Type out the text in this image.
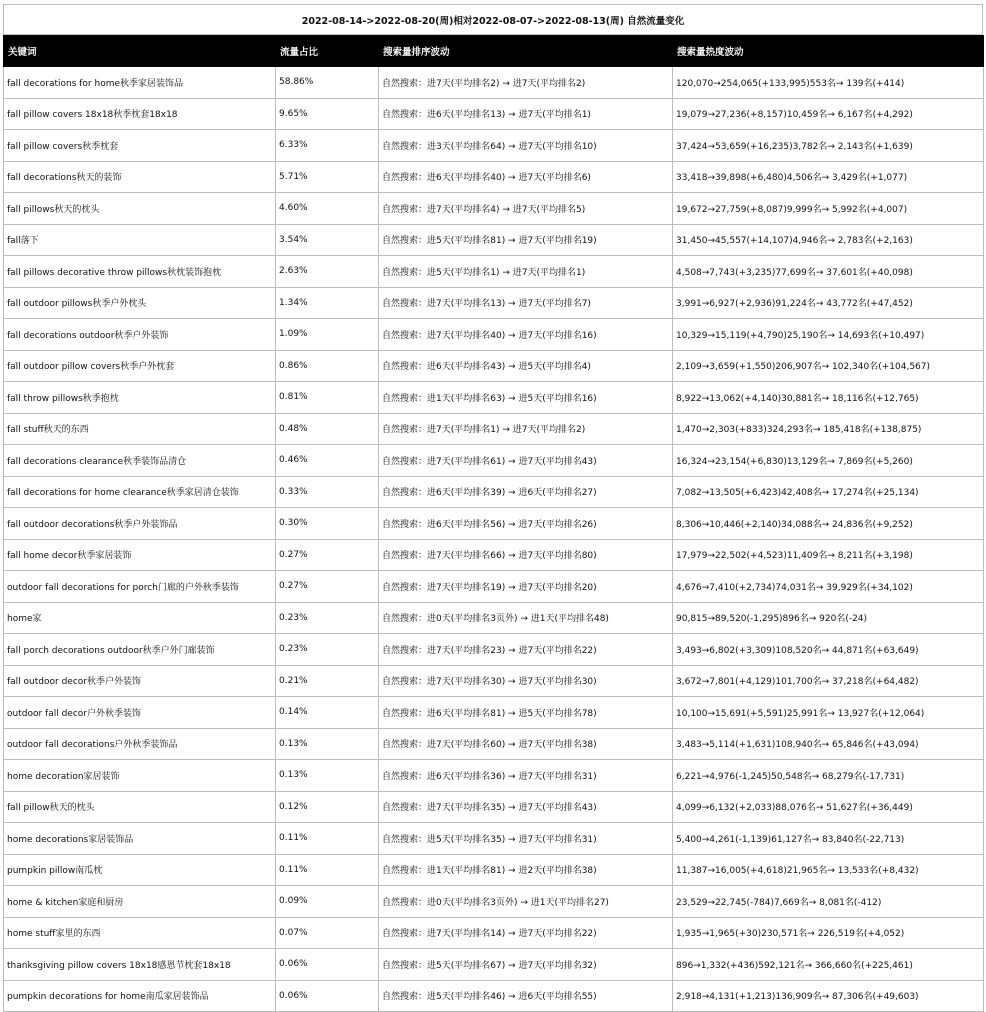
2022-08-14->2022-08-20(周)相对2022-08-07->2022-08-13(周) 自然流量变化
关键词	流量占比	搜索量排序波动	搜索量热度波动
fall decorations for home秋季家居装饰品	58.86%	自然搜索：进7天(平均排名2) → 进7天(平均排名2)	120,070→254,065(+133,995)553名→ 139名(+414)
fall pillow covers 18x18秋季枕套18x18	9.65%	自然搜索：进6天(平均排名13) → 进7天(平均排名1)	19,079→27,236(+8,157)10,459名→ 6,167名(+4,292)
fall pillow covers秋季枕套	6.33%	自然搜索：进3天(平均排名64) → 进7天(平均排名10)	37,424→53,659(+16,235)3,782名→ 2,143名(+1,639)
fall decorations秋天的装饰	5.71%	自然搜索：进6天(平均排名40) → 进7天(平均排名6)	33,418→39,898(+6,480)4,506名→ 3,429名(+1,077)
fall pillows秋天的枕头	4.60%	自然搜索：进7天(平均排名4) → 进7天(平均排名5)	19,672→27,759(+8,087)9,999名→ 5,992名(+4,007)
fall落下	3.54%	自然搜索：进5天(平均排名81) → 进7天(平均排名19)	31,450→45,557(+14,107)4,946名→ 2,783名(+2,163)
fall pillows decorative throw pillows秋枕装饰抱枕	2.63%	自然搜索：进5天(平均排名1) → 进7天(平均排名1)	4,508→7,743(+3,235)77,699名→ 37,601名(+40,098)
fall outdoor pillows秋季户外枕头	1.34%	自然搜索：进7天(平均排名13) → 进7天(平均排名7)	3,991→6,927(+2,936)91,224名→ 43,772名(+47,452)
fall decorations outdoor秋季户外装饰	1.09%	自然搜索：进7天(平均排名40) → 进7天(平均排名16)	10,329→15,119(+4,790)25,190名→ 14,693名(+10,497)
fall outdoor pillow covers秋季户外枕套	0.86%	自然搜索：进6天(平均排名43) → 进5天(平均排名4)	2,109→3,659(+1,550)206,907名→ 102,340名(+104,567)
fall throw pillows秋季抱枕	0.81%	自然搜索：进1天(平均排名63) → 进5天(平均排名16)	8,922→13,062(+4,140)30,881名→ 18,116名(+12,765)
fall stuff秋天的东西	0.48%	自然搜索：进7天(平均排名1) → 进7天(平均排名2)	1,470→2,303(+833)324,293名→ 185,418名(+138,875)
fall decorations clearance秋季装饰品清仓	0.46%	自然搜索：进7天(平均排名61) → 进7天(平均排名43)	16,324→23,154(+6,830)13,129名→ 7,869名(+5,260)
fall decorations for home clearance秋季家居清仓装饰	0.33%	自然搜索：进6天(平均排名39) → 进6天(平均排名27)	7,082→13,505(+6,423)42,408名→ 17,274名(+25,134)
fall outdoor decorations秋季户外装饰品	0.30%	自然搜索：进6天(平均排名56) → 进7天(平均排名26)	8,306→10,446(+2,140)34,088名→ 24,836名(+9,252)
fall home decor秋季家居装饰	0.27%	自然搜索：进7天(平均排名66) → 进7天(平均排名80)	17,979→22,502(+4,523)11,409名→ 8,211名(+3,198)
outdoor fall decorations for porch门廊的户外秋季装饰	0.27%	自然搜索：进7天(平均排名19) → 进7天(平均排名20)	4,676→7,410(+2,734)74,031名→ 39,929名(+34,102)
home家	0.23%	自然搜索：进0天(平均排名3页外) → 进1天(平均排名48)	90,815→89,520(-1,295)896名→ 920名(-24)
fall porch decorations outdoor秋季户外门廊装饰	0.23%	自然搜索：进7天(平均排名23) → 进7天(平均排名22)	3,493→6,802(+3,309)108,520名→ 44,871名(+63,649)
fall outdoor decor秋季户外装饰	0.21%	自然搜索：进7天(平均排名30) → 进7天(平均排名30)	3,672→7,801(+4,129)101,700名→ 37,218名(+64,482)
outdoor fall decor户外秋季装饰	0.14%	自然搜索：进6天(平均排名81) → 进5天(平均排名78)	10,100→15,691(+5,591)25,991名→ 13,927名(+12,064)
outdoor fall decorations户外秋季装饰品	0.13%	自然搜索：进7天(平均排名60) → 进7天(平均排名38)	3,483→5,114(+1,631)108,940名→ 65,846名(+43,094)
home decoration家居装饰	0.13%	自然搜索：进6天(平均排名36) → 进7天(平均排名31)	6,221→4,976(-1,245)50,548名→ 68,279名(-17,731)
fall pillow秋天的枕头	0.12%	自然搜索：进7天(平均排名35) → 进7天(平均排名43)	4,099→6,132(+2,033)88,076名→ 51,627名(+36,449)
home decorations家居装饰品	0.11%	自然搜索：进5天(平均排名35) → 进7天(平均排名31)	5,400→4,261(-1,139)61,127名→ 83,840名(-22,713)
pumpkin pillow南瓜枕	0.11%	自然搜索：进1天(平均排名81) → 进2天(平均排名38)	11,387→16,005(+4,618)21,965名→ 13,533名(+8,432)
home & kitchen家庭和厨房	0.09%	自然搜索：进0天(平均排名3页外) → 进1天(平均排名27)	23,529→22,745(-784)7,669名→ 8,081名(-412)
home stuff家里的东西	0.07%	自然搜索：进7天(平均排名14) → 进7天(平均排名22)	1,935→1,965(+30)230,571名→ 226,519名(+4,052)
thanksgiving pillow covers 18x18感恩节枕套18x18	0.06%	自然搜索：进5天(平均排名67) → 进7天(平均排名32)	896→1,332(+436)592,121名→ 366,660名(+225,461)
pumpkin decorations for home南瓜家居装饰品	0.06%	自然搜索：进5天(平均排名46) → 进6天(平均排名55)	2,918→4,131(+1,213)136,909名→ 87,306名(+49,603)
